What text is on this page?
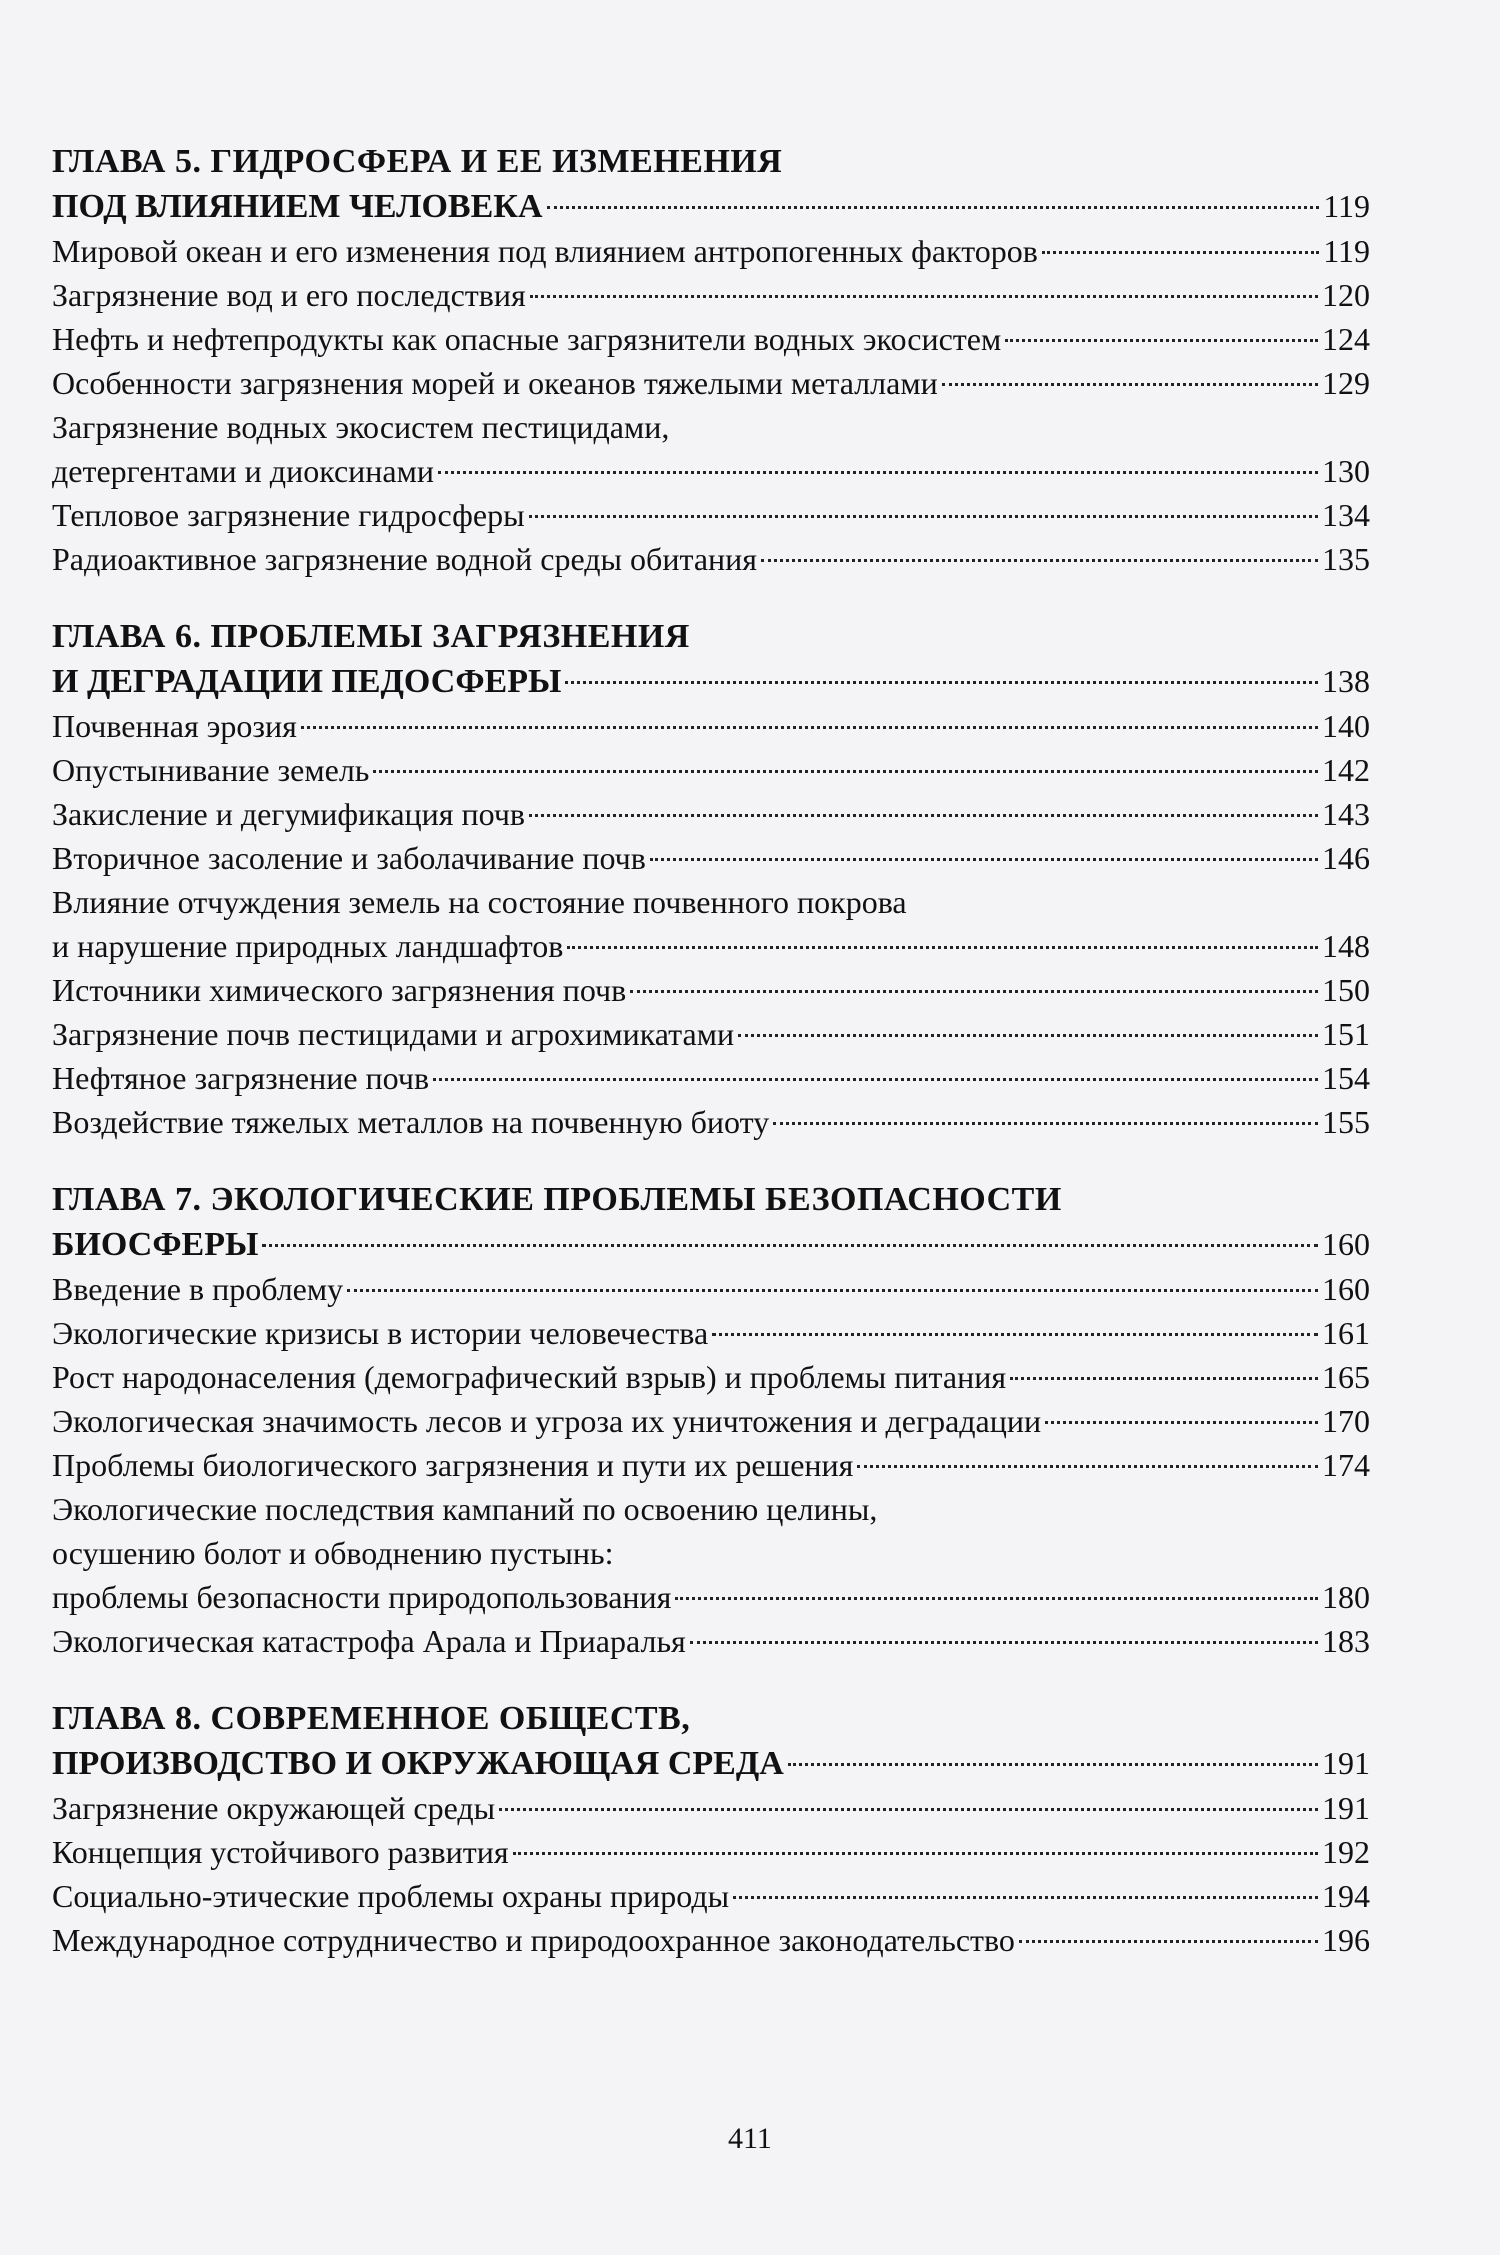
ГЛАВА 5. ГИДРОСФЕРА И ЕЕ ИЗМЕНЕНИЯ
ПОД ВЛИЯНИЕМ ЧЕЛОВЕКА	119
Мировой океан и его изменения под влиянием антропогенных факторов	119
Загрязнение вод и его последствия	120
Нефть и нефтепродукты как опасные загрязнители водных экосистем	124
Особенности загрязнения морей и океанов тяжелыми металлами	129
Загрязнение водных экосистем пестицидами,
детергентами и диоксинами	130
Тепловое загрязнение гидросферы	134
Радиоактивное загрязнение водной среды обитания	135
ГЛАВА 6. ПРОБЛЕМЫ ЗАГРЯЗНЕНИЯ
И ДЕГРАДАЦИИ ПЕДОСФЕРЫ	138
Почвенная эрозия	140
Опустынивание земель	142
Закисление и дегумификация почв	143
Вторичное засоление и заболачивание почв	146
Влияние отчуждения земель на состояние почвенного покрова
и нарушение природных ландшафтов	148
Источники химического загрязнения почв	150
Загрязнение почв пестицидами и агрохимикатами	151
Нефтяное загрязнение почв	154
Воздействие тяжелых металлов на почвенную биоту	155
ГЛАВА 7. ЭКОЛОГИЧЕСКИЕ ПРОБЛЕМЫ БЕЗОПАСНОСТИ
БИОСФЕРЫ	160
Введение в проблему	160
Экологические кризисы в истории человечества	161
Рост народонаселения (демографический взрыв) и проблемы питания	165
Экологическая значимость лесов и угроза их уничтожения и деградации	170
Проблемы биологического загрязнения и пути их решения	174
Экологические последствия кампаний по освоению целины,
осушению болот и обводнению пустынь:
проблемы безопасности природопользования	180
Экологическая катастрофа Арала и Приаралья	183
ГЛАВА 8. СОВРЕМЕННОЕ ОБЩЕСТВ,
ПРОИЗВОДСТВО И ОКРУЖАЮЩАЯ СРЕДА	191
Загрязнение окружающей среды	191
Концепция устойчивого развития	192
Социально-этические проблемы охраны природы	194
Международное сотрудничество и природоохранное законодательство	196
411
